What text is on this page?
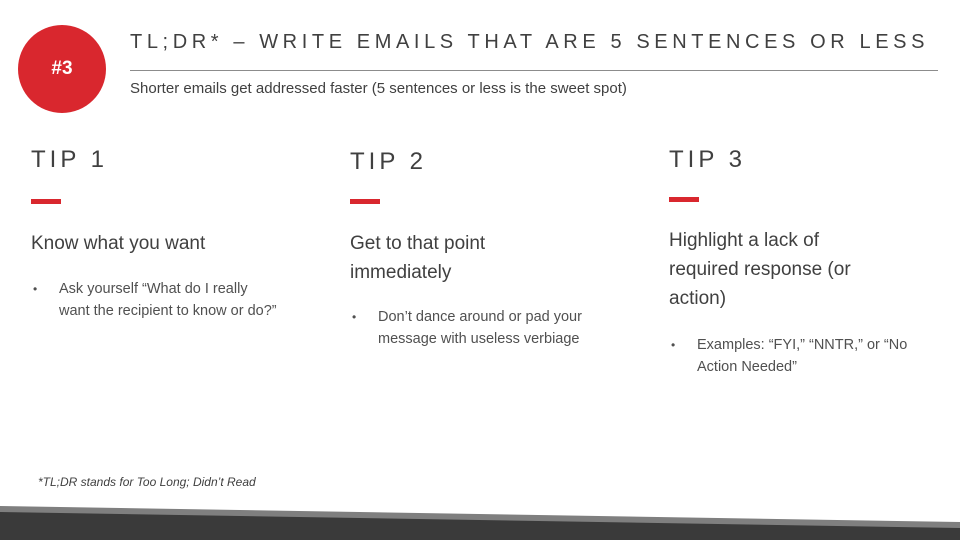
#3
TL;DR* – WRITE EMAILS THAT ARE 5 SENTENCES OR LESS
Shorter emails get addressed faster (5 sentences or less is the sweet spot)
TIP 1
Know what you want
• Ask yourself “What do I really want the recipient to know or do?”
TIP 2
Get to that point immediately
• Don’t dance around or pad your message with useless verbiage
TIP 3
Highlight a lack of required response (or action)
• Examples: “FYI,” “NNTR,” or “No Action Needed”
*TL;DR stands for Too Long; Didn’t Read
